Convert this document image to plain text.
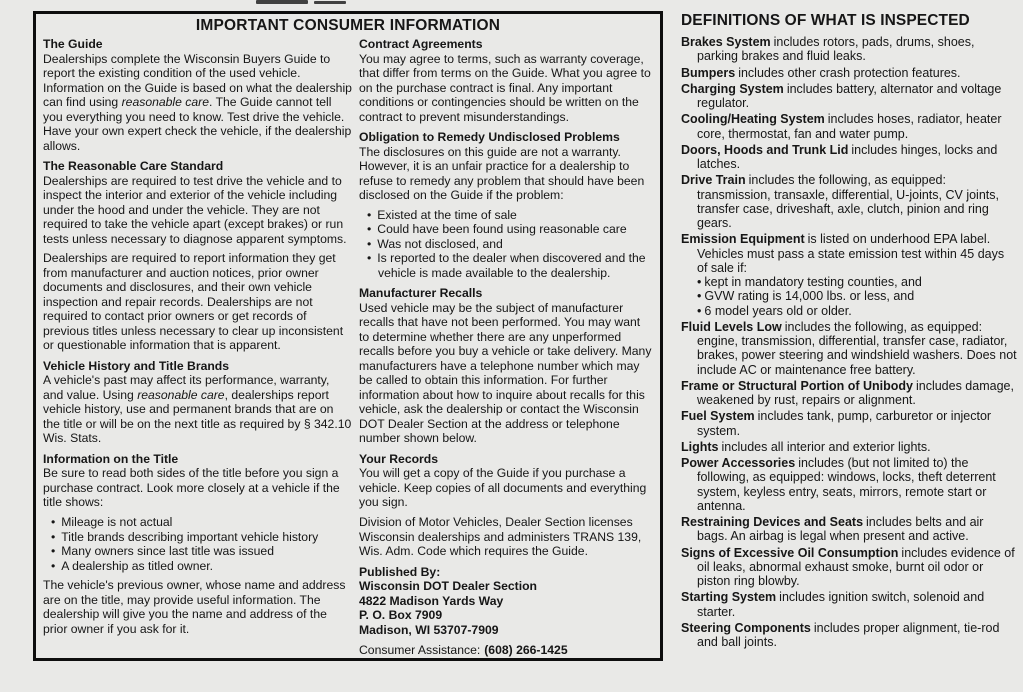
IMPORTANT CONSUMER INFORMATION
The Guide

Dealerships complete the Wisconsin Buyers Guide to report the existing condition of the used vehicle. Information on the Guide is based on what the dealership can find using reasonable care. The Guide cannot tell you everything you need to know. Test drive the vehicle. Have your own expert check the vehicle, if the dealership allows.

The Reasonable Care Standard

Dealerships are required to test drive the vehicle and to inspect the interior and exterior of the vehicle including under the hood and under the vehicle. They are not required to take the vehicle apart (except brakes) or run tests unless necessary to diagnose apparent symptoms.

Dealerships are required to report information they get from manufacturer and auction notices, prior owner documents and disclosures, and their own vehicle inspection and repair records. Dealerships are not required to contact prior owners or get records of previous titles unless necessary to clear up inconsistent or questionable information that is apparent.

Vehicle History and Title Brands

A vehicle's past may affect its performance, warranty, and value. Using reasonable care, dealerships report vehicle history, use and permanent brands that are on the title or will be on the next title as required by § 342.10 Wis. Stats.

Information on the Title

Be sure to read both sides of the title before you sign a purchase contract. Look more closely at a vehicle if the title shows:

• Mileage is not actual
• Title brands describing important vehicle history
• Many owners since last title was issued
• A dealership as titled owner.

The vehicle's previous owner, whose name and address are on the title, may provide useful information. The dealership will give you the name and address of the prior owner if you ask for it.

Contract Agreements

You may agree to terms, such as warranty coverage, that differ from terms on the Guide. What you agree to on the purchase contract is final. Any important conditions or contingencies should be written on the contract to prevent misunderstandings.

Obligation to Remedy Undisclosed Problems

The disclosures on this guide are not a warranty. However, it is an unfair practice for a dealership to refuse to remedy any problem that should have been disclosed on the Guide if the problem:

• Existed at the time of sale
• Could have been found using reasonable care
• Was not disclosed, and
• Is reported to the dealer when discovered and the vehicle is made available to the dealership.
Manufacturer Recalls

Used vehicle may be the subject of manufacturer recalls that have not been performed. You may want to determine whether there are any unperformed recalls before you buy a vehicle or take delivery. Many manufacturers have a telephone number which may be called to obtain this information. For further information about how to inquire about recalls for this vehicle, ask the dealership or contact the Wisconsin DOT Dealer Section at the address or telephone number shown below.

Your Records

You will get a copy of the Guide if you purchase a vehicle. Keep copies of all documents and everything you sign.

Division of Motor Vehicles, Dealer Section licenses Wisconsin dealerships and administers TRANS 139, Wis. Adm. Code which requires the Guide.

Published By:
Wisconsin DOT Dealer Section
4822 Madison Yards Way
P. O. Box 7909
Madison, WI 53707-7909

Consumer Assistance: (608) 266-1425

DEFINITIONS OF WHAT IS INSPECTED
Brakes System includes rotors, pads, drums, shoes, parking brakes and fluid leaks.
Bumpers includes other crash protection features.
Charging System includes battery, alternator and voltage regulator.
Cooling/Heating System includes hoses, radiator, heater core, thermostat, fan and water pump.
Doors, Hoods and Trunk Lid includes hinges, locks and latches.
Drive Train includes the following, as equipped: transmission, transaxle, differential, U-joints, CV joints, transfer case, driveshaft, axle, clutch, pinion and ring gears.
Emission Equipment is listed on underhood EPA label. Vehicles must pass a state emission test within 45 days of sale if:
• kept in mandatory testing counties, and
• GVW rating is 14,000 lbs. or less, and
• 6 model years old or older.
Fluid Levels Low includes the following, as equipped: engine, transmission, differential, transfer case, radiator, brakes, power steering and windshield washers. Does not include AC or maintenance free battery.
Frame or Structural Portion of Unibody includes damage, weakened by rust, repairs or alignment.
Fuel System includes tank, pump, carburetor or injector system.
Lights includes all interior and exterior lights.
Power Accessories includes (but not limited to) the following, as equipped: windows, locks, theft deterrent system, keyless entry, seats, mirrors, remote start or antenna.
Restraining Devices and Seats includes belts and air bags. An airbag is legal when present and active.
Signs of Excessive Oil Consumption includes evidence of oil leaks, abnormal exhaust smoke, burnt oil odor or piston ring blowby.
Starting System includes ignition switch, solenoid and starter.
Steering Components includes proper alignment, tie-rod and ball joints.
